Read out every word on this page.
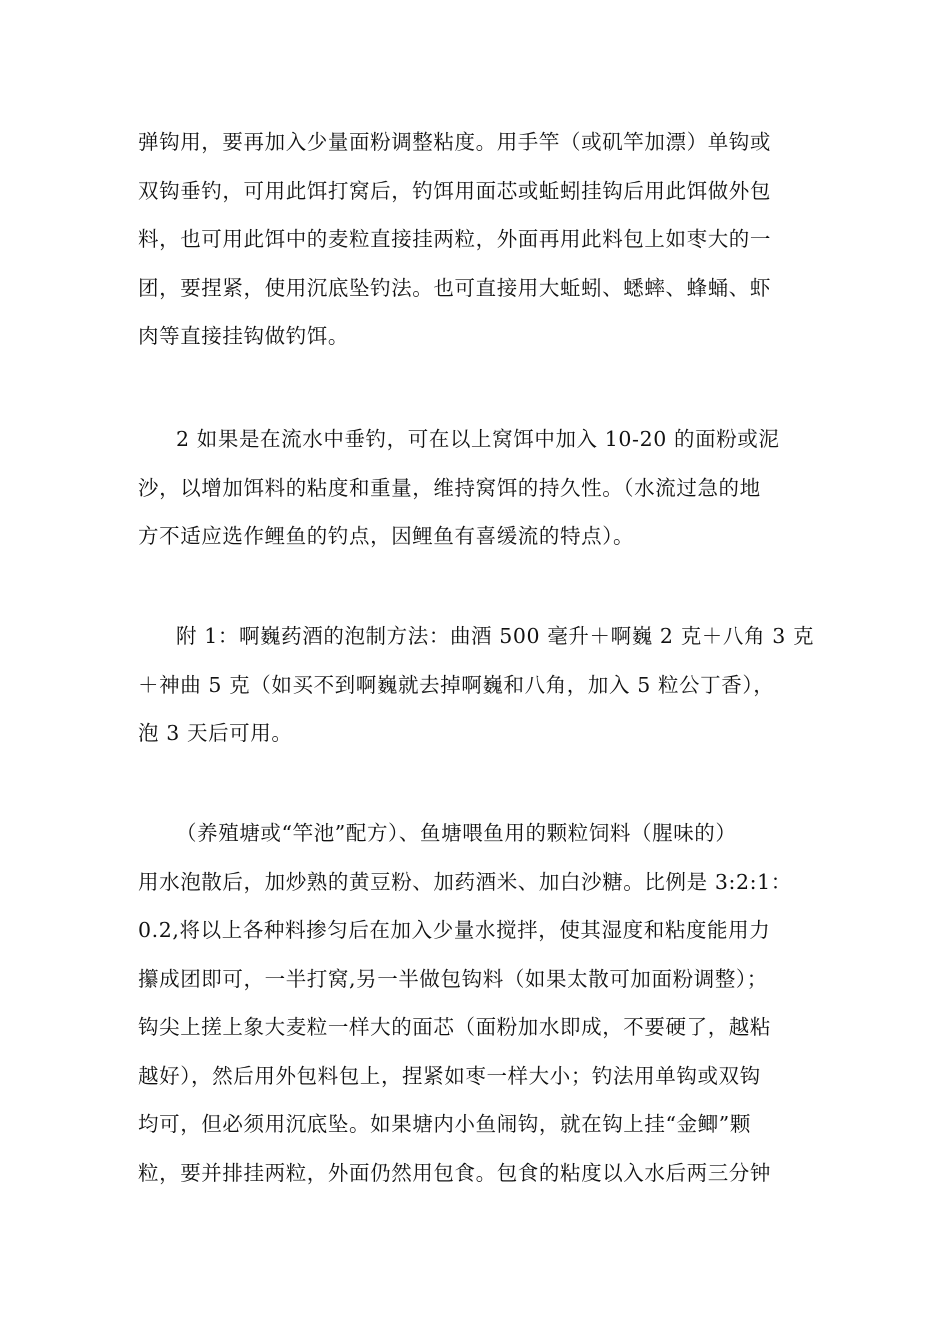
弹钩用，要再加入少量面粉调整粘度。用手竿（或矶竿加漂）单钩或
双钩垂钓，可用此饵打窝后，钓饵用面芯或蚯蚓挂钩后用此饵做外包
料，也可用此饵中的麦粒直接挂两粒，外面再用此料包上如枣大的一
团，要捏紧，使用沉底坠钓法。也可直接用大蚯蚓、蟋蟀、蜂蛹、虾
肉等直接挂钩做钓饵。
2 如果是在流水中垂钓，可在以上窝饵中加入 10-20 的面粉或泥
沙，以增加饵料的粘度和重量，维持窝饵的持久性。（水流过急的地
方不适应选作鲤鱼的钓点，因鲤鱼有喜缓流的特点）。
附 1：啊巍药酒的泡制方法：曲酒 500 毫升＋啊巍 2 克＋八角 3 克
＋神曲 5 克（如买不到啊巍就去掉啊巍和八角，加入 5 粒公丁香），
泡 3 天后可用。
（养殖塘或“竿池”配方）、鱼塘喂鱼用的颗粒饲料（腥味的）
用水泡散后，加炒熟的黄豆粉、加药酒米、加白沙糖。比例是 3:2:1：
0.2,将以上各种料掺匀后在加入少量水搅拌，使其湿度和粘度能用力
攥成团即可，一半打窝,另一半做包钩料（如果太散可加面粉调整）；
钩尖上搓上象大麦粒一样大的面芯（面粉加水即成，不要硬了，越粘
越好），然后用外包料包上，捏紧如枣一样大小；钓法用单钩或双钩
均可，但必须用沉底坠。如果塘内小鱼闹钩，就在钩上挂“金鲫”颗
粒，要并排挂两粒，外面仍然用包食。包食的粘度以入水后两三分钟
